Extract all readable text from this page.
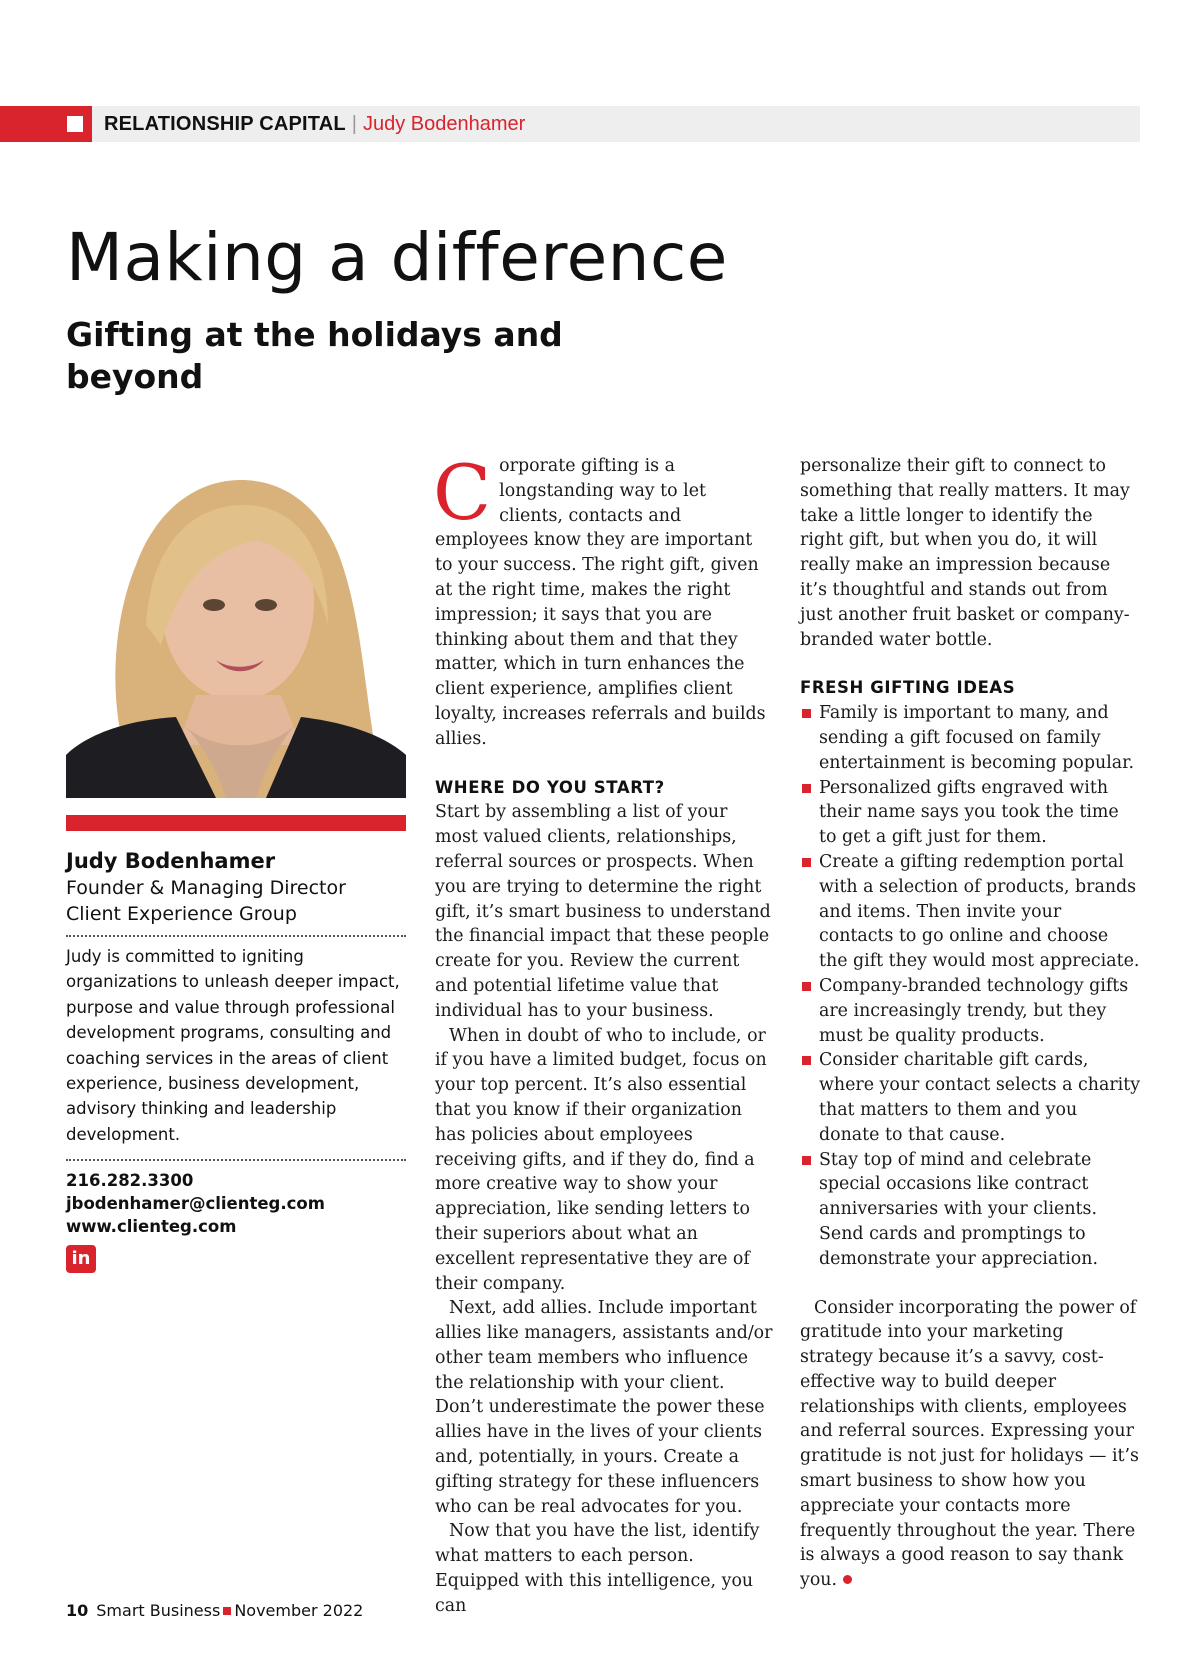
RELATIONSHIP CAPITAL | Judy Bodenhamer
Making a difference
Gifting at the holidays and beyond
Judy Bodenhamer
Founder & Managing Director
Client Experience Group

Judy is committed to igniting organizations to unleash deeper impact, purpose and value through professional development programs, consulting and coaching services in the areas of client experience, business development, advisory thinking and leadership development.

216.282.3300
jbodenhamer@clienteg.com
www.clienteg.com
in

Corporate gifting is a longstanding way to let clients, contacts and employees know they are important to your success. The right gift, given at the right time, makes the right impression; it says that you are thinking about them and that they matter, which in turn enhances the client experience, amplifies client loyalty, increases referrals and builds allies.

WHERE DO YOU START?

Start by assembling a list of your most valued clients, relationships, referral sources or prospects. When you are trying to determine the right gift, it’s smart business to understand the financial impact that these people create for you. Review the current and potential lifetime value that individual has to your business.

When in doubt of who to include, or if you have a limited budget, focus on your top percent. It’s also essential that you know if their organization has policies about employees receiving gifts, and if they do, find a more creative way to show your appreciation, like sending letters to their superiors about what an excellent representative they are of their company.

Next, add allies. Include important allies like managers, assistants and/or other team members who influence the relationship with your client. Don’t underestimate the power these allies have in the lives of your clients and, potentially, in yours. Create a gifting strategy for these influencers who can be real advocates for you.

Now that you have the list, identify what matters to each person. Equipped with this intelligence, you can

personalize their gift to connect to something that really matters. It may take a little longer to identify the right gift, but when you do, it will really make an impression because it’s thoughtful and stands out from just another fruit basket or company-branded water bottle.

FRESH GIFTING IDEAS
Family is important to many, and sending a gift focused on family entertainment is becoming popular.
Personalized gifts engraved with their name says you took the time to get a gift just for them.
Create a gifting redemption portal with a selection of products, brands and items. Then invite your contacts to go online and choose the gift they would most appreciate.
Company-branded technology gifts are increasingly trendy, but they must be quality products.
Consider charitable gift cards, where your contact selects a charity that matters to them and you donate to that cause.
Stay top of mind and celebrate special occasions like contract anniversaries with your clients. Send cards and promptings to demonstrate your appreciation.

Consider incorporating the power of gratitude into your marketing strategy because it’s a savvy, cost-effective way to build deeper relationships with clients, employees and referral sources. Expressing your gratitude is not just for holidays — it’s smart business to show how you appreciate your contacts more frequently throughout the year. There is always a good reason to say thank you.

10 Smart Business November 2022
